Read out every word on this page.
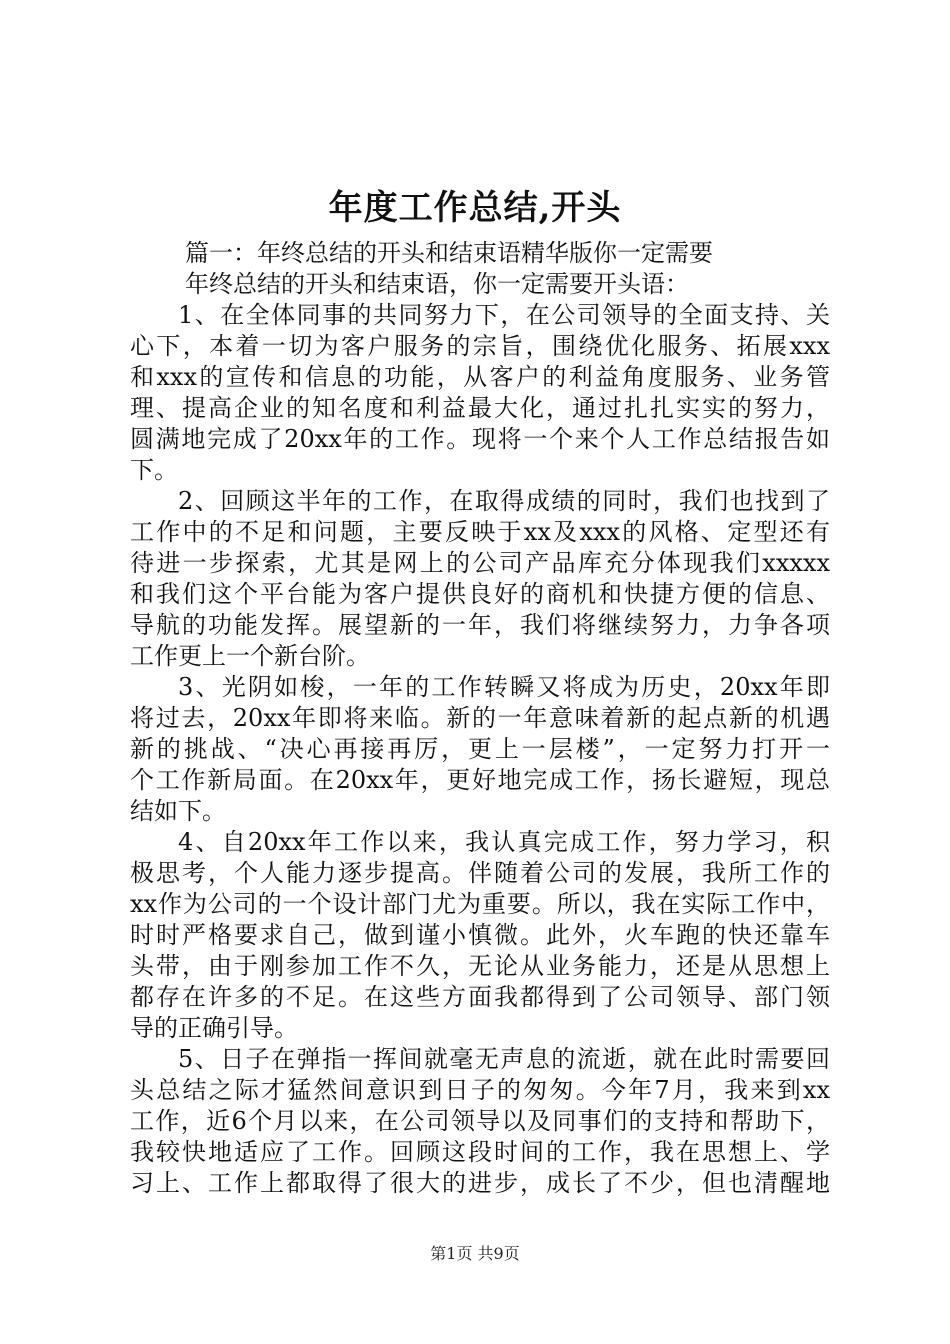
年度工作总结,开头
篇一：年终总结的开头和结束语精华版你一定需要
年终总结的开头和结束语，你一定需要开头语：
1、在全体同事的共同努力下，在公司领导的全面支持、关
心下，本着一切为客户服务的宗旨，围绕优化服务、拓展xxx
和xxx的宣传和信息的功能，从客户的利益角度服务、业务管
理、提高企业的知名度和利益最大化，通过扎扎实实的努力，
圆满地完成了20xx年的工作。现将一个来个人工作总结报告如
下。
2、回顾这半年的工作，在取得成绩的同时，我们也找到了
工作中的不足和问题，主要反映于xx及xxx的风格、定型还有
待进一步探索，尤其是网上的公司产品库充分体现我们xxxxx
和我们这个平台能为客户提供良好的商机和快捷方便的信息、
导航的功能发挥。展望新的一年，我们将继续努力，力争各项
工作更上一个新台阶。
3、光阴如梭，一年的工作转瞬又将成为历史，20xx年即
将过去，20xx年即将来临。新的一年意味着新的起点新的机遇
新的挑战、“决心再接再厉，更上一层楼”，一定努力打开一
个工作新局面。在20xx年，更好地完成工作，扬长避短，现总
结如下。
4、自20xx年工作以来，我认真完成工作，努力学习，积
极思考，个人能力逐步提高。伴随着公司的发展，我所工作的
xx作为公司的一个设计部门尤为重要。所以，我在实际工作中，
时时严格要求自己，做到谨小慎微。此外，火车跑的快还靠车
头带，由于刚参加工作不久，无论从业务能力，还是从思想上
都存在许多的不足。在这些方面我都得到了公司领导、部门领
导的正确引导。
5、日子在弹指一挥间就毫无声息的流逝，就在此时需要回
头总结之际才猛然间意识到日子的匆匆。今年7月，我来到xx
工作，近6个月以来，在公司领导以及同事们的支持和帮助下，
我较快地适应了工作。回顾这段时间的工作，我在思想上、学
习上、工作上都取得了很大的进步，成长了不少，但也清醒地
第1页 共9页
